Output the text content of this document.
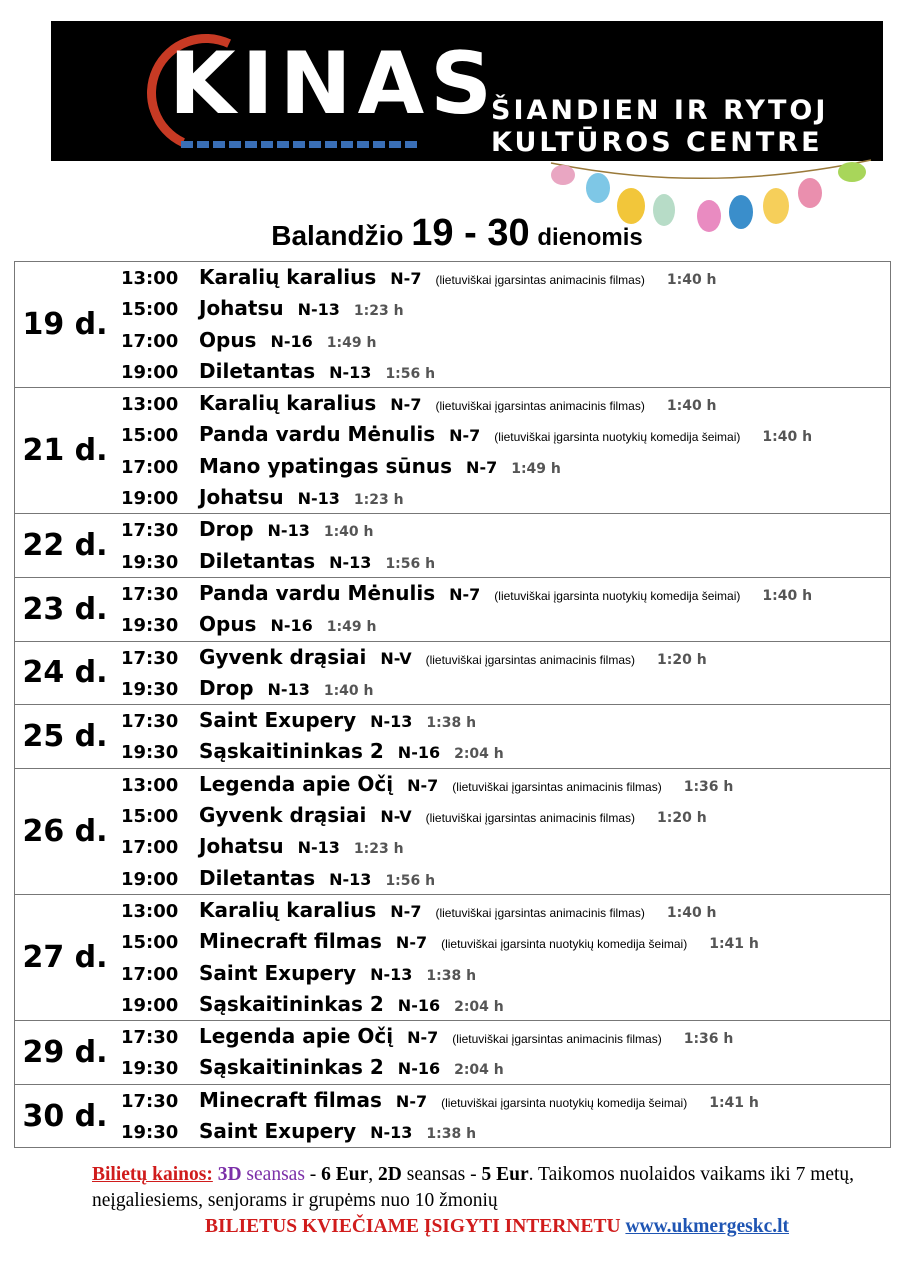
KINAS
ŠIANDIEN IR RYTOJ
KULTŪROS CENTRE
Balandžio 19 - 30 dienomis
19 d.	13:00 Karalių karalius N-7 (lietuviškai įgarsintas animacinis filmas) 1:40 h
15:00 Johatsu N-13 1:23 h
17:00 Opus N-16 1:49 h
19:00 Diletantas N-13 1:56 h

21 d.	13:00 Karalių karalius N-7 (lietuviškai įgarsintas animacinis filmas) 1:40 h
15:00 Panda vardu Mėnulis N-7 (lietuviškai įgarsinta nuotykių komedija šeimai) 1:40 h
17:00 Mano ypatingas sūnus N-7 1:49 h
19:00 Johatsu N-13 1:23 h

22 d.	17:30 Drop N-13 1:40 h
19:30 Diletantas N-13 1:56 h

23 d.	17:30 Panda vardu Mėnulis N-7 (lietuviškai įgarsinta nuotykių komedija šeimai) 1:40 h
19:30 Opus N-16 1:49 h

24 d.	17:30 Gyvenk drąsiai N-V (lietuviškai įgarsintas animacinis filmas) 1:20 h
19:30 Drop N-13 1:40 h

25 d.	17:30 Saint Exupery N-13 1:38 h
19:30 Sąskaitininkas 2 N-16 2:04 h

26 d.	13:00 Legenda apie Očį N-7 (lietuviškai įgarsintas animacinis filmas) 1:36 h
15:00 Gyvenk drąsiai N-V (lietuviškai įgarsintas animacinis filmas) 1:20 h
17:00 Johatsu N-13 1:23 h
19:00 Diletantas N-13 1:56 h

27 d.	13:00 Karalių karalius N-7 (lietuviškai įgarsintas animacinis filmas) 1:40 h
15:00 Minecraft filmas N-7 (lietuviškai įgarsinta nuotykių komedija šeimai) 1:41 h
17:00 Saint Exupery N-13 1:38 h
19:00 Sąskaitininkas 2 N-16 2:04 h

29 d.	17:30 Legenda apie Očį N-7 (lietuviškai įgarsintas animacinis filmas) 1:36 h
19:30 Sąskaitininkas 2 N-16 2:04 h

30 d.	17:30 Minecraft filmas N-7 (lietuviškai įgarsinta nuotykių komedija šeimai) 1:41 h
19:30 Saint Exupery N-13 1:38 h
Bilietų kainos: 3D seansas - 6 Eur, 2D seansas - 5 Eur. Taikomos nuolaidos vaikams iki 7 metų, neįgaliesiems, senjorams ir grupėms nuo 10 žmonių
BILIETUS KVIEČIAME ĮSIGYTI INTERNETU www.ukmergeskc.lt
